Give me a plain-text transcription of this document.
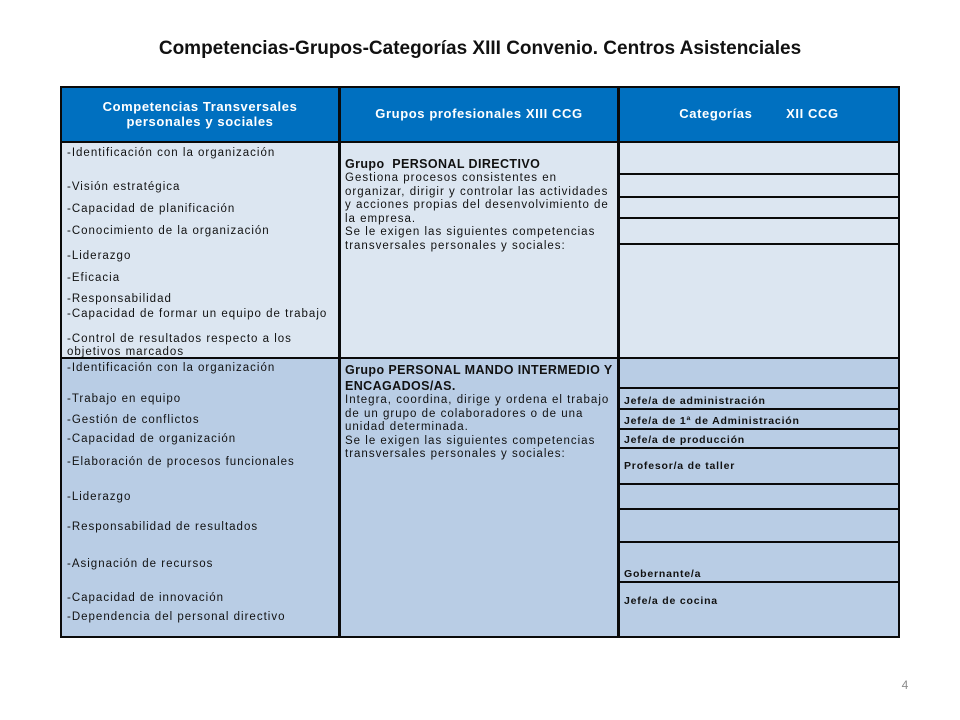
Competencias-Grupos-Categorías XIII Convenio. Centros Asistenciales
Competencias Transversales personales y sociales	Grupos profesionales XIII CCG	Categorías        XII CCG
-Identificación con la organización
-Visión estratégica
-Capacidad de planificación
-Conocimiento de la organización
-Liderazgo
-Eficacia
-Responsabilidad
-Capacidad de formar un equipo de trabajo
-Control de resultados respecto a los objetivos marcados
Grupo  PERSONAL DIRECTIVO
Gestiona procesos consistentes en organizar, dirigir y controlar las actividades y acciones propias del desenvolvimiento de la empresa.
Se le exigen las siguientes competencias transversales personales y sociales:
-Identificación con la organización
-Trabajo en equipo
-Gestión de conflictos
-Capacidad de organización
-Elaboración de procesos funcionales
-Liderazgo
-Responsabilidad de resultados
-Asignación de recursos
-Capacidad de innovación
-Dependencia del personal directivo
Grupo PERSONAL MANDO INTERMEDIO Y ENCAGADOS/AS.
Integra, coordina, dirige y ordena el trabajo de un grupo de colaboradores o de una unidad determinada.
Se le exigen las siguientes competencias transversales personales y sociales:
Jefe/a de administración
Jefe/a de 1ª de Administración
Jefe/a de producción
Profesor/a de taller
Gobernante/a
Jefe/a de cocina
4
